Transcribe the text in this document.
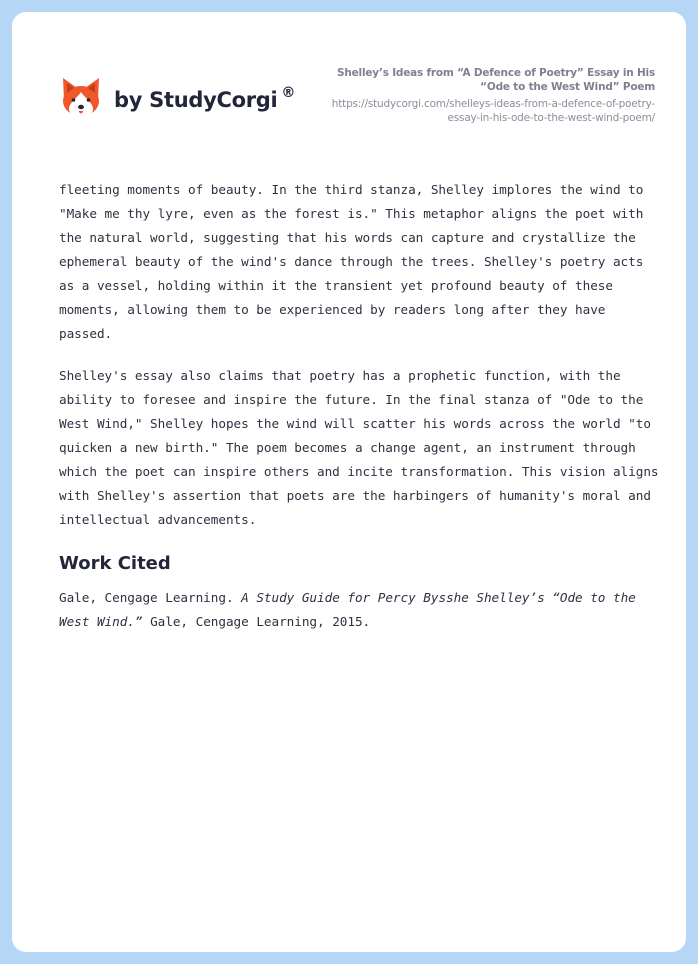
by StudyCorgi ®
Shelley’s Ideas from “A Defence of Poetry” Essay in His “Ode to the West Wind” Poem
https://studycorgi.com/shelleys-ideas-from-a-defence-of-poetry-essay-in-his-ode-to-the-west-wind-poem/

fleeting moments of beauty. In the third stanza, Shelley implores the wind to "Make me thy lyre, even as the forest is." This metaphor aligns the poet with the natural world, suggesting that his words can capture and crystallize the ephemeral beauty of the wind's dance through the trees. Shelley's poetry acts as a vessel, holding within it the transient yet profound beauty of these moments, allowing them to be experienced by readers long after they have passed.

Shelley's essay also claims that poetry has a prophetic function, with the ability to foresee and inspire the future. In the final stanza of "Ode to the West Wind," Shelley hopes the wind will scatter his words across the world "to quicken a new birth." The poem becomes a change agent, an instrument through which the poet can inspire others and incite transformation. This vision aligns with Shelley's assertion that poets are the harbingers of humanity's moral and intellectual advancements.

Work Cited

Gale, Cengage Learning. A Study Guide for Percy Bysshe Shelley’s “Ode to the West Wind.” Gale, Cengage Learning, 2015.
